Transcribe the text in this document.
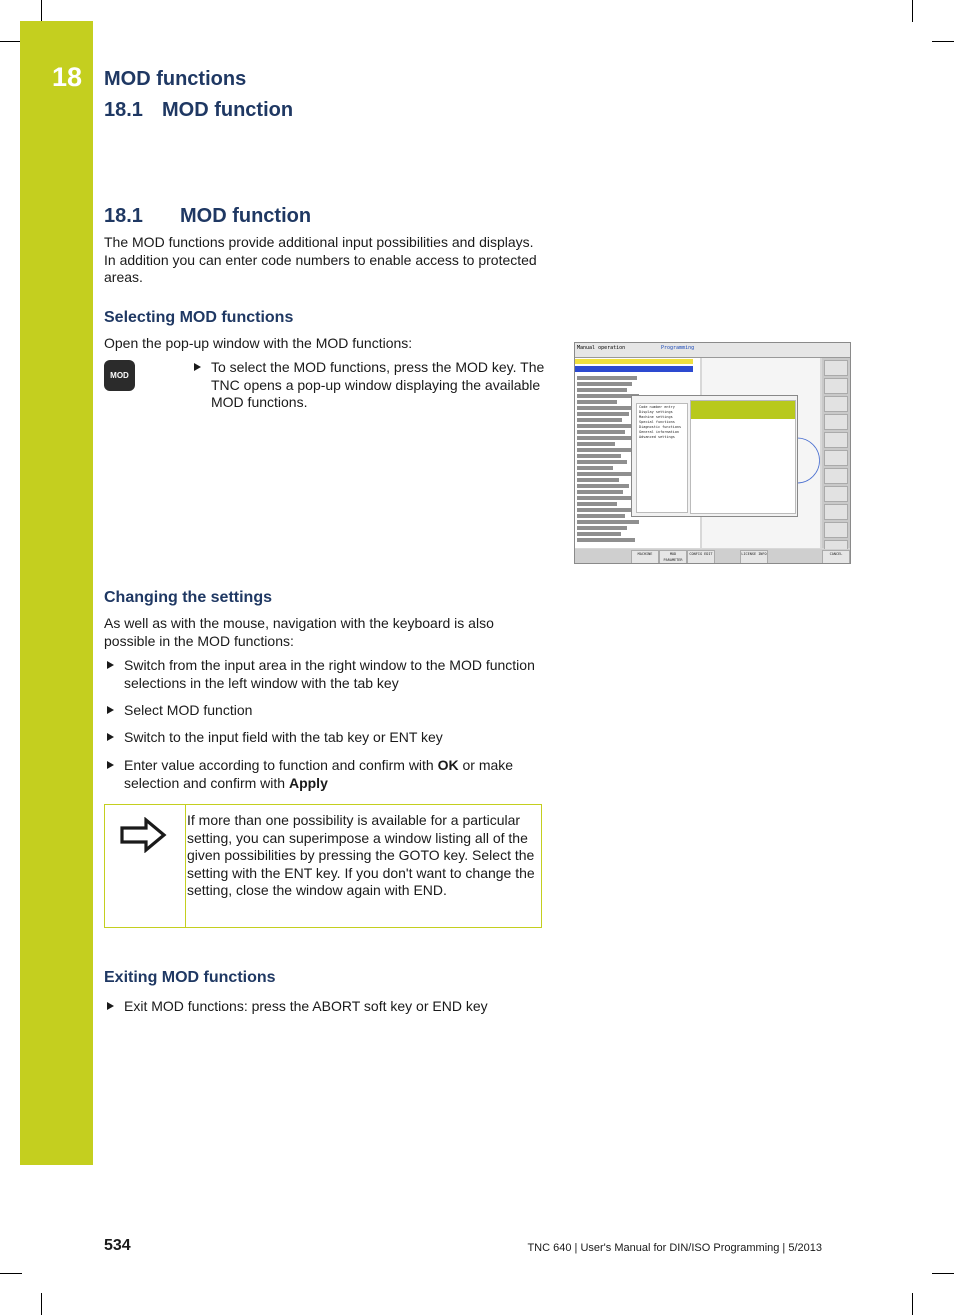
18 MOD functions
18.1 MOD function
18.1 MOD function
The MOD functions provide additional input possibilities and displays. In addition you can enter code numbers to enable access to protected areas.
Selecting MOD functions
Open the pop-up window with the MOD functions:
MOD
To select the MOD functions, press the MOD key. The TNC opens a pop-up window displaying the available MOD functions.
Manual operation	Programming
Code number entry
Display settings
Machine settings
Special functions
Diagnostic functions
General information
Advanced settings
MACHINE	MOD PARAMETER
CONFIG EDIT	LICENSE INFO	CANCEL
Changing the settings
As well as with the mouse, navigation with the keyboard is also possible in the MOD functions:
Switch from the input area in the right window to the MOD function selections in the left window with the tab key
Select MOD function
Switch to the input field with the tab key or ENT key
Enter value according to function and confirm with OK or make selection and confirm with Apply
If more than one possibility is available for a particular setting, you can superimpose a window listing all of the given possibilities by pressing the GOTO key. Select the setting with the ENT key. If you don't want to change the setting, close the window again with END.
Exiting MOD functions
Exit MOD functions: press the ABORT soft key or END key
534	TNC 640 | User's Manual for DIN/ISO Programming | 5/2013
